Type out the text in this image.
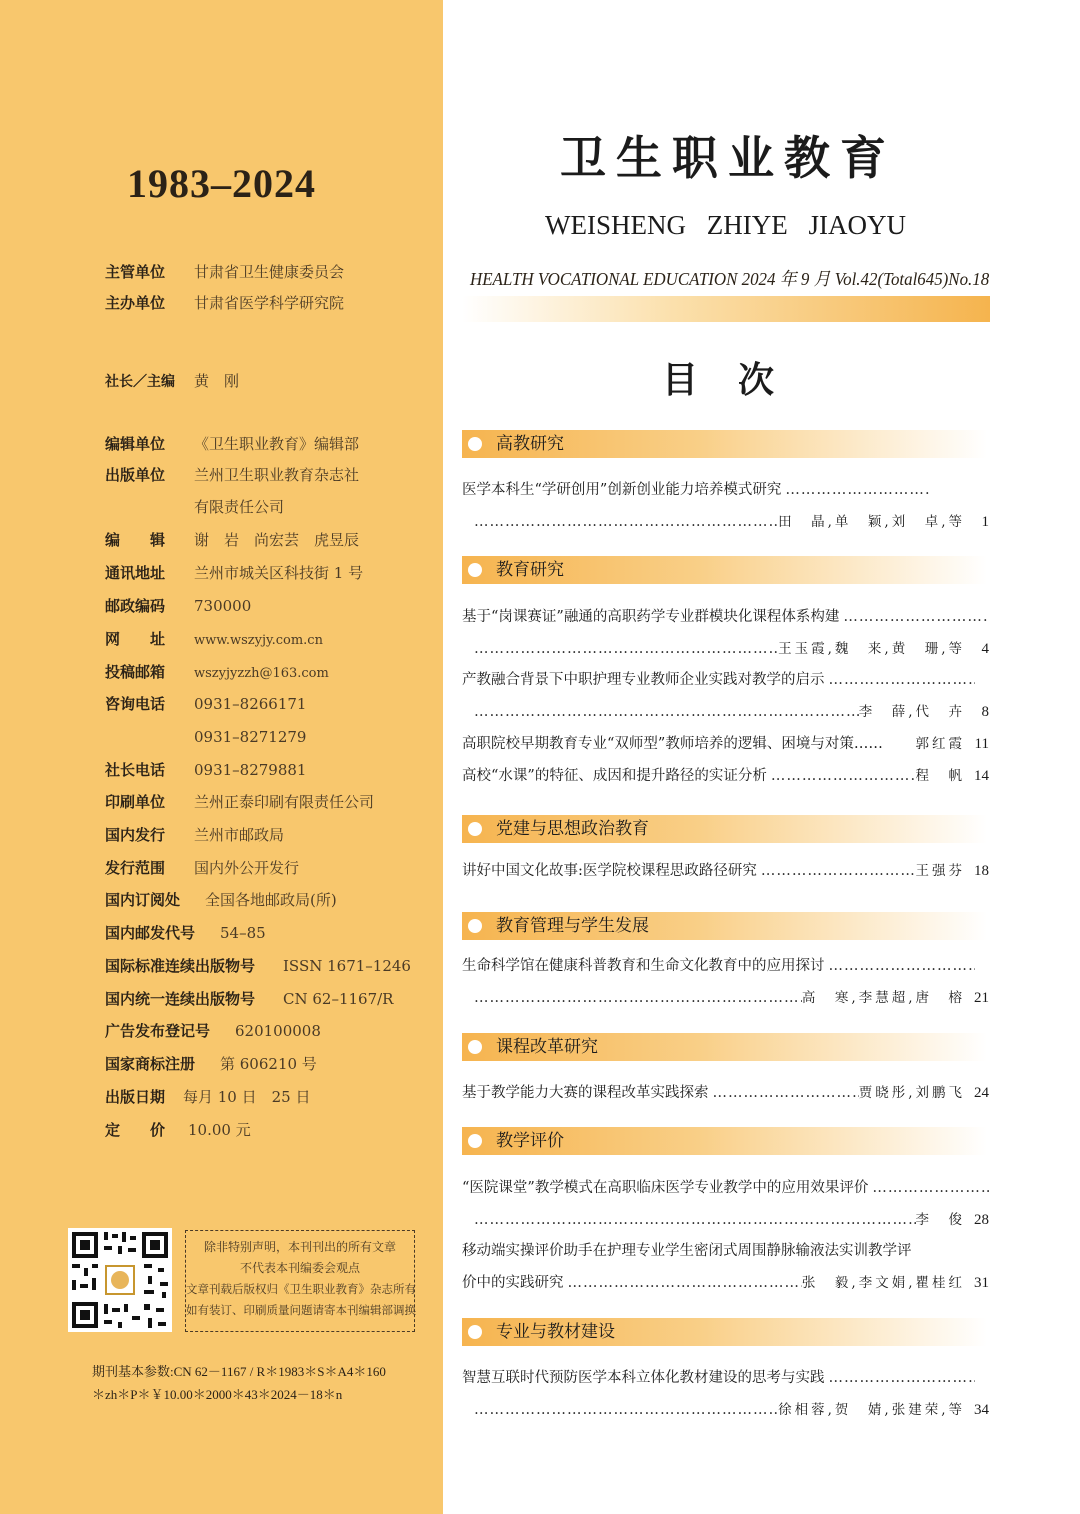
1983–2024
主管单位 甘肃省卫生健康委员会
主办单位 甘肃省医学科学研究院
社长／主编 黄　刚
编辑单位 《卫生职业教育》编辑部
出版单位 兰州卫生职业教育杂志社
有限责任公司
编　　辑 谢　岩　尚宏芸　虎昱辰
通讯地址 兰州市城关区科技街 1 号
邮政编码 730000
网　　址 www.wszyjy.com.cn
投稿邮箱 wszyjyzzh@163.com
咨询电话 0931–8266171
0931–8271279
社长电话 0931–8279881
印刷单位 兰州正泰印刷有限责任公司
国内发行 兰州市邮政局
发行范围 国内外公开发行
国内订阅处 全国各地邮政局(所)
国内邮发代号 54–85
国际标准连续出版物号 ISSN 1671–1246
国内统一连续出版物号 CN 62–1167/R
广告发布登记号 620100008
国家商标注册 第 606210 号
出版日期 每月 10 日　25 日
定　　价 10.00 元
除非特别声明，本刊刊出的所有文章
不代表本刊编委会观点
文章刊载后版权归《卫生职业教育》杂志所有
如有装订、印刷质量问题请寄本刊编辑部调换
期刊基本参数:CN 62－1167 / R＊1983＊S＊A4＊160
＊zh＊P＊￥10.00＊2000＊43＊2024－18＊n
卫生职业教育
WEISHENG ZHIYE JIAOYU
HEALTH VOCATIONAL EDUCATION 2024 年 9 月 Vol.42(Total645)No.18
目次
高教研究
医学本科生“学研创用”创新创业能力培养模式研究
…………………………………………………………………………………………………………………………………………………………
…………………………………………………………………………………………………………………………………………………………
田　晶,单　颖,刘　卓,等	1
教育研究
基于“岗课赛证”融通的高职药学专业群模块化课程体系构建
…………………………………………………………………………………………………………………………………………………………
…………………………………………………………………………………………………………………………………………………………
王玉霞,魏　来,黄　珊,等	4
产教融合背景下中职护理专业教师企业实践对教学的启示
…………………………………………………………………………………………………………………………………………………………
…………………………………………………………………………………………………………………………………………………………
李　薛,代　卉	8
高职院校早期教育专业“双师型”教师培养的逻辑、困境与对策…… 郭红霞 11
高校“水课”的特征、成因和提升路径的实证分析 …………………………………………………………………………………………………………………………………………………………	程　帆 14
党建与思想政治教育
讲好中国文化故事:医学院校课程思政路径研究 …………………………………………………………………………………………………………………………………………………………	王强芬 18
教育管理与学生发展
生命科学馆在健康科普教育和生命文化教育中的应用探讨
…………………………………………………………………………………………………………………………………………………………
…………………………………………………………………………………………………………………………………………………………
高　寒,李慧超,唐　榕 21
课程改革研究
基于教学能力大赛的课程改革实践探索 …………………………………………………………………………………………………………………………………………………………	贾晓彤,刘鹏飞 24
教学评价
“医院课堂”教学模式在高职临床医学专业教学中的应用效果评价
…………………………………………………………………………………………………………………………………………………………
…………………………………………………………………………………………………………………………………………………………
李　俊 28
移动端实操评价助手在护理专业学生密闭式周围静脉输液法实训教学评
价中的实践研究 …………………………………………………………………………………………………………………………………………………………	张　毅,李文娟,瞿桂红 31
专业与教材建设
智慧互联时代预防医学本科立体化教材建设的思考与实践
…………………………………………………………………………………………………………………………………………………………
…………………………………………………………………………………………………………………………………………………………
徐相蓉,贺　婧,张建荣,等 34
